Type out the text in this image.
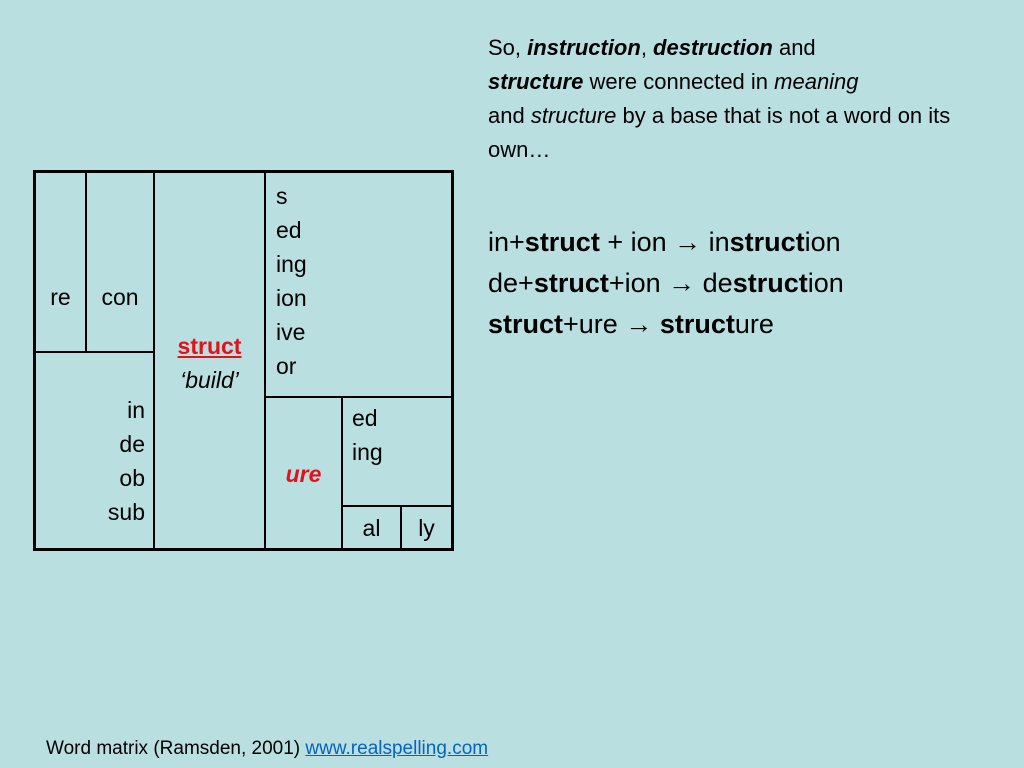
re	con
in
de
ob
sub
struct
‘build’
s
ed
ing
ion
ive
or
ure
ed
ing
al	ly
So, instruction, destruction and
structure were connected in meaning
and structure by a base that is not a word on its own…
in+struct + ion → instruction
de+struct+ion → destruction
struct+ure → structure
Word matrix (Ramsden, 2001) www.realspelling.com
